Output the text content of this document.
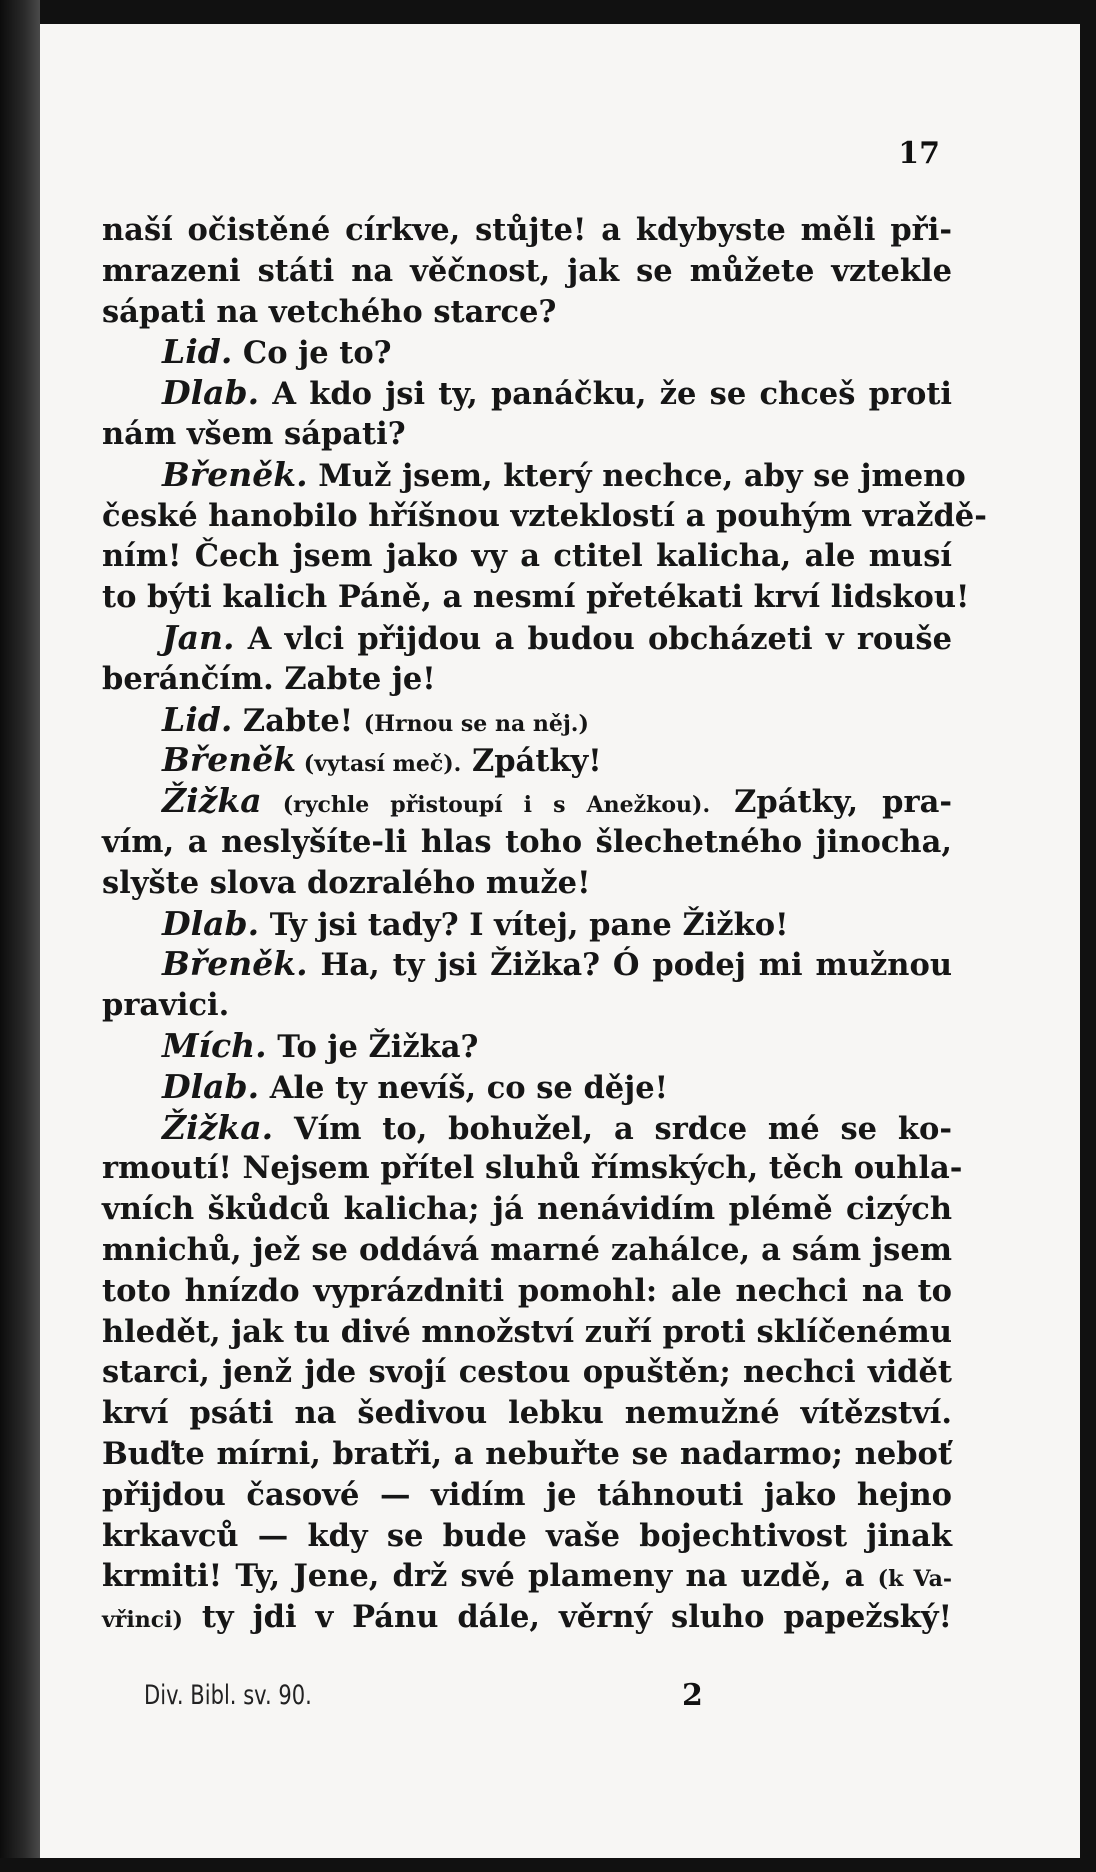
17
naší očistěné církve, stůjte! a kdybyste měli při-
mrazeni státi na věčnost, jak se můžete vztekle
sápati na vetchého starce?
Lid. Co je to?
Dlab. A kdo jsi ty, panáčku, že se chceš proti
nám všem sápati?
Břeněk. Muž jsem, který nechce, aby se jmeno
české hanobilo hříšnou vzteklostí a pouhým vraždě-
ním! Čech jsem jako vy a ctitel kalicha, ale musí
to býti kalich Páně, a nesmí přetékati krví lidskou!
Jan. A vlci přijdou a budou obcházeti v rouše
beránčím. Zabte je!
Lid. Zabte! (Hrnou se na něj.)
Břeněk (vytasí meč). Zpátky!
Žižka (rychle přistoupí i s Anežkou). Zpátky, pra-
vím, a neslyšíte-li hlas toho šlechetného jinocha,
slyšte slova dozralého muže!
Dlab. Ty jsi tady? I vítej, pane Žižko!
Břeněk. Ha, ty jsi Žižka? Ó podej mi mužnou
pravici.
Mích. To je Žižka?
Dlab. Ale ty nevíš, co se děje!
Žižka. Vím to, bohužel, a srdce mé se ko-
rmoutí! Nejsem přítel sluhů římských, těch ouhla-
vních škůdců kalicha; já nenávidím plémě cizých
mnichů, jež se oddává marné zahálce, a sám jsem
toto hnízdo vyprázdniti pomohl: ale nechci na to
hledět, jak tu divé množství zuří proti sklíčenému
starci, jenž jde svojí cestou opuštěn; nechci vidět
krví psáti na šedivou lebku nemužné vítězství.
Buďte mírni, bratři, a nebuřte se nadarmo; neboť
přijdou časové — vidím je táhnouti jako hejno
krkavců — kdy se bude vaše bojechtivost jinak
krmiti! Ty, Jene, drž své plameny na uzdě, a (k Va-
vřinci) ty jdi v Pánu dále, věrný sluho papežský!
Div. Bibl. sv. 90.	2
